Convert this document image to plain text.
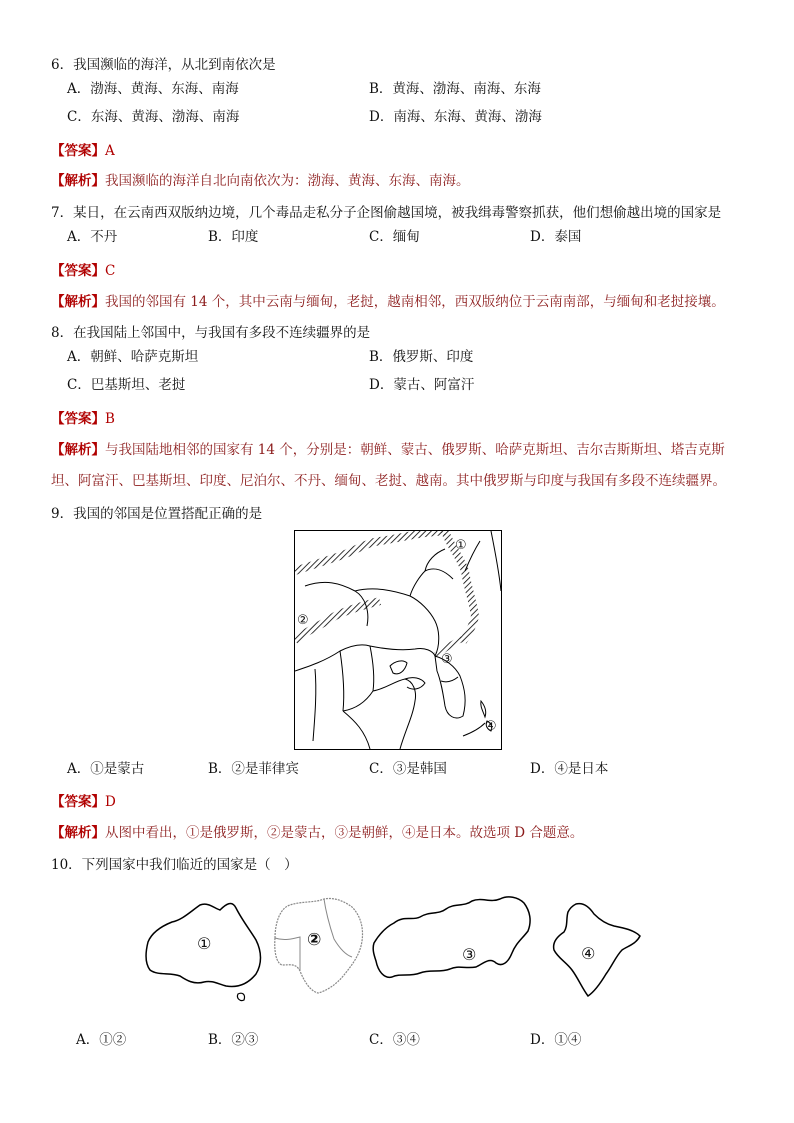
6．我国濒临的海洋，从北到南依次是
A．渤海、黄海、东海、南海	B．黄海、渤海、南海、东海
C．东海、黄海、渤海、南海	D．南海、东海、黄海、渤海
【答案】A
【解析】我国濒临的海洋自北向南依次为：渤海、黄海、东海、南海。
7．某日，在云南西双版纳边境，几个毒品走私分子企图偷越国境，被我缉毒警察抓获，他们想偷越出境的国家是
A．不丹	B．印度	C．缅甸	D．泰国
【答案】C
【解析】我国的邻国有 14 个，其中云南与缅甸，老挝，越南相邻，西双版纳位于云南南部，与缅甸和老挝接壤。
8．在我国陆上邻国中，与我国有多段不连续疆界的是
A．朝鲜、哈萨克斯坦	B．俄罗斯、印度
C．巴基斯坦、老挝	D．蒙古、阿富汗
【答案】B
【解析】与我国陆地相邻的国家有 14 个，分别是：朝鲜、蒙古、俄罗斯、哈萨克斯坦、吉尔吉斯斯坦、塔吉克斯
坦、阿富汗、巴基斯坦、印度、尼泊尔、不丹、缅甸、老挝、越南。其中俄罗斯与印度与我国有多段不连续疆界。
9．我国的邻国是位置搭配正确的是
①
②
③
④
A．①是蒙古	B．②是菲律宾	C．③是韩国	D．④是日本
【答案】D
【解析】从图中看出，①是俄罗斯，②是蒙古，③是朝鲜，④是日本。故选项 D 合题意。
10．下列国家中我们临近的国家是（　）
①	②
③	④
A．①②	B．②③	C．③④	D．①④
